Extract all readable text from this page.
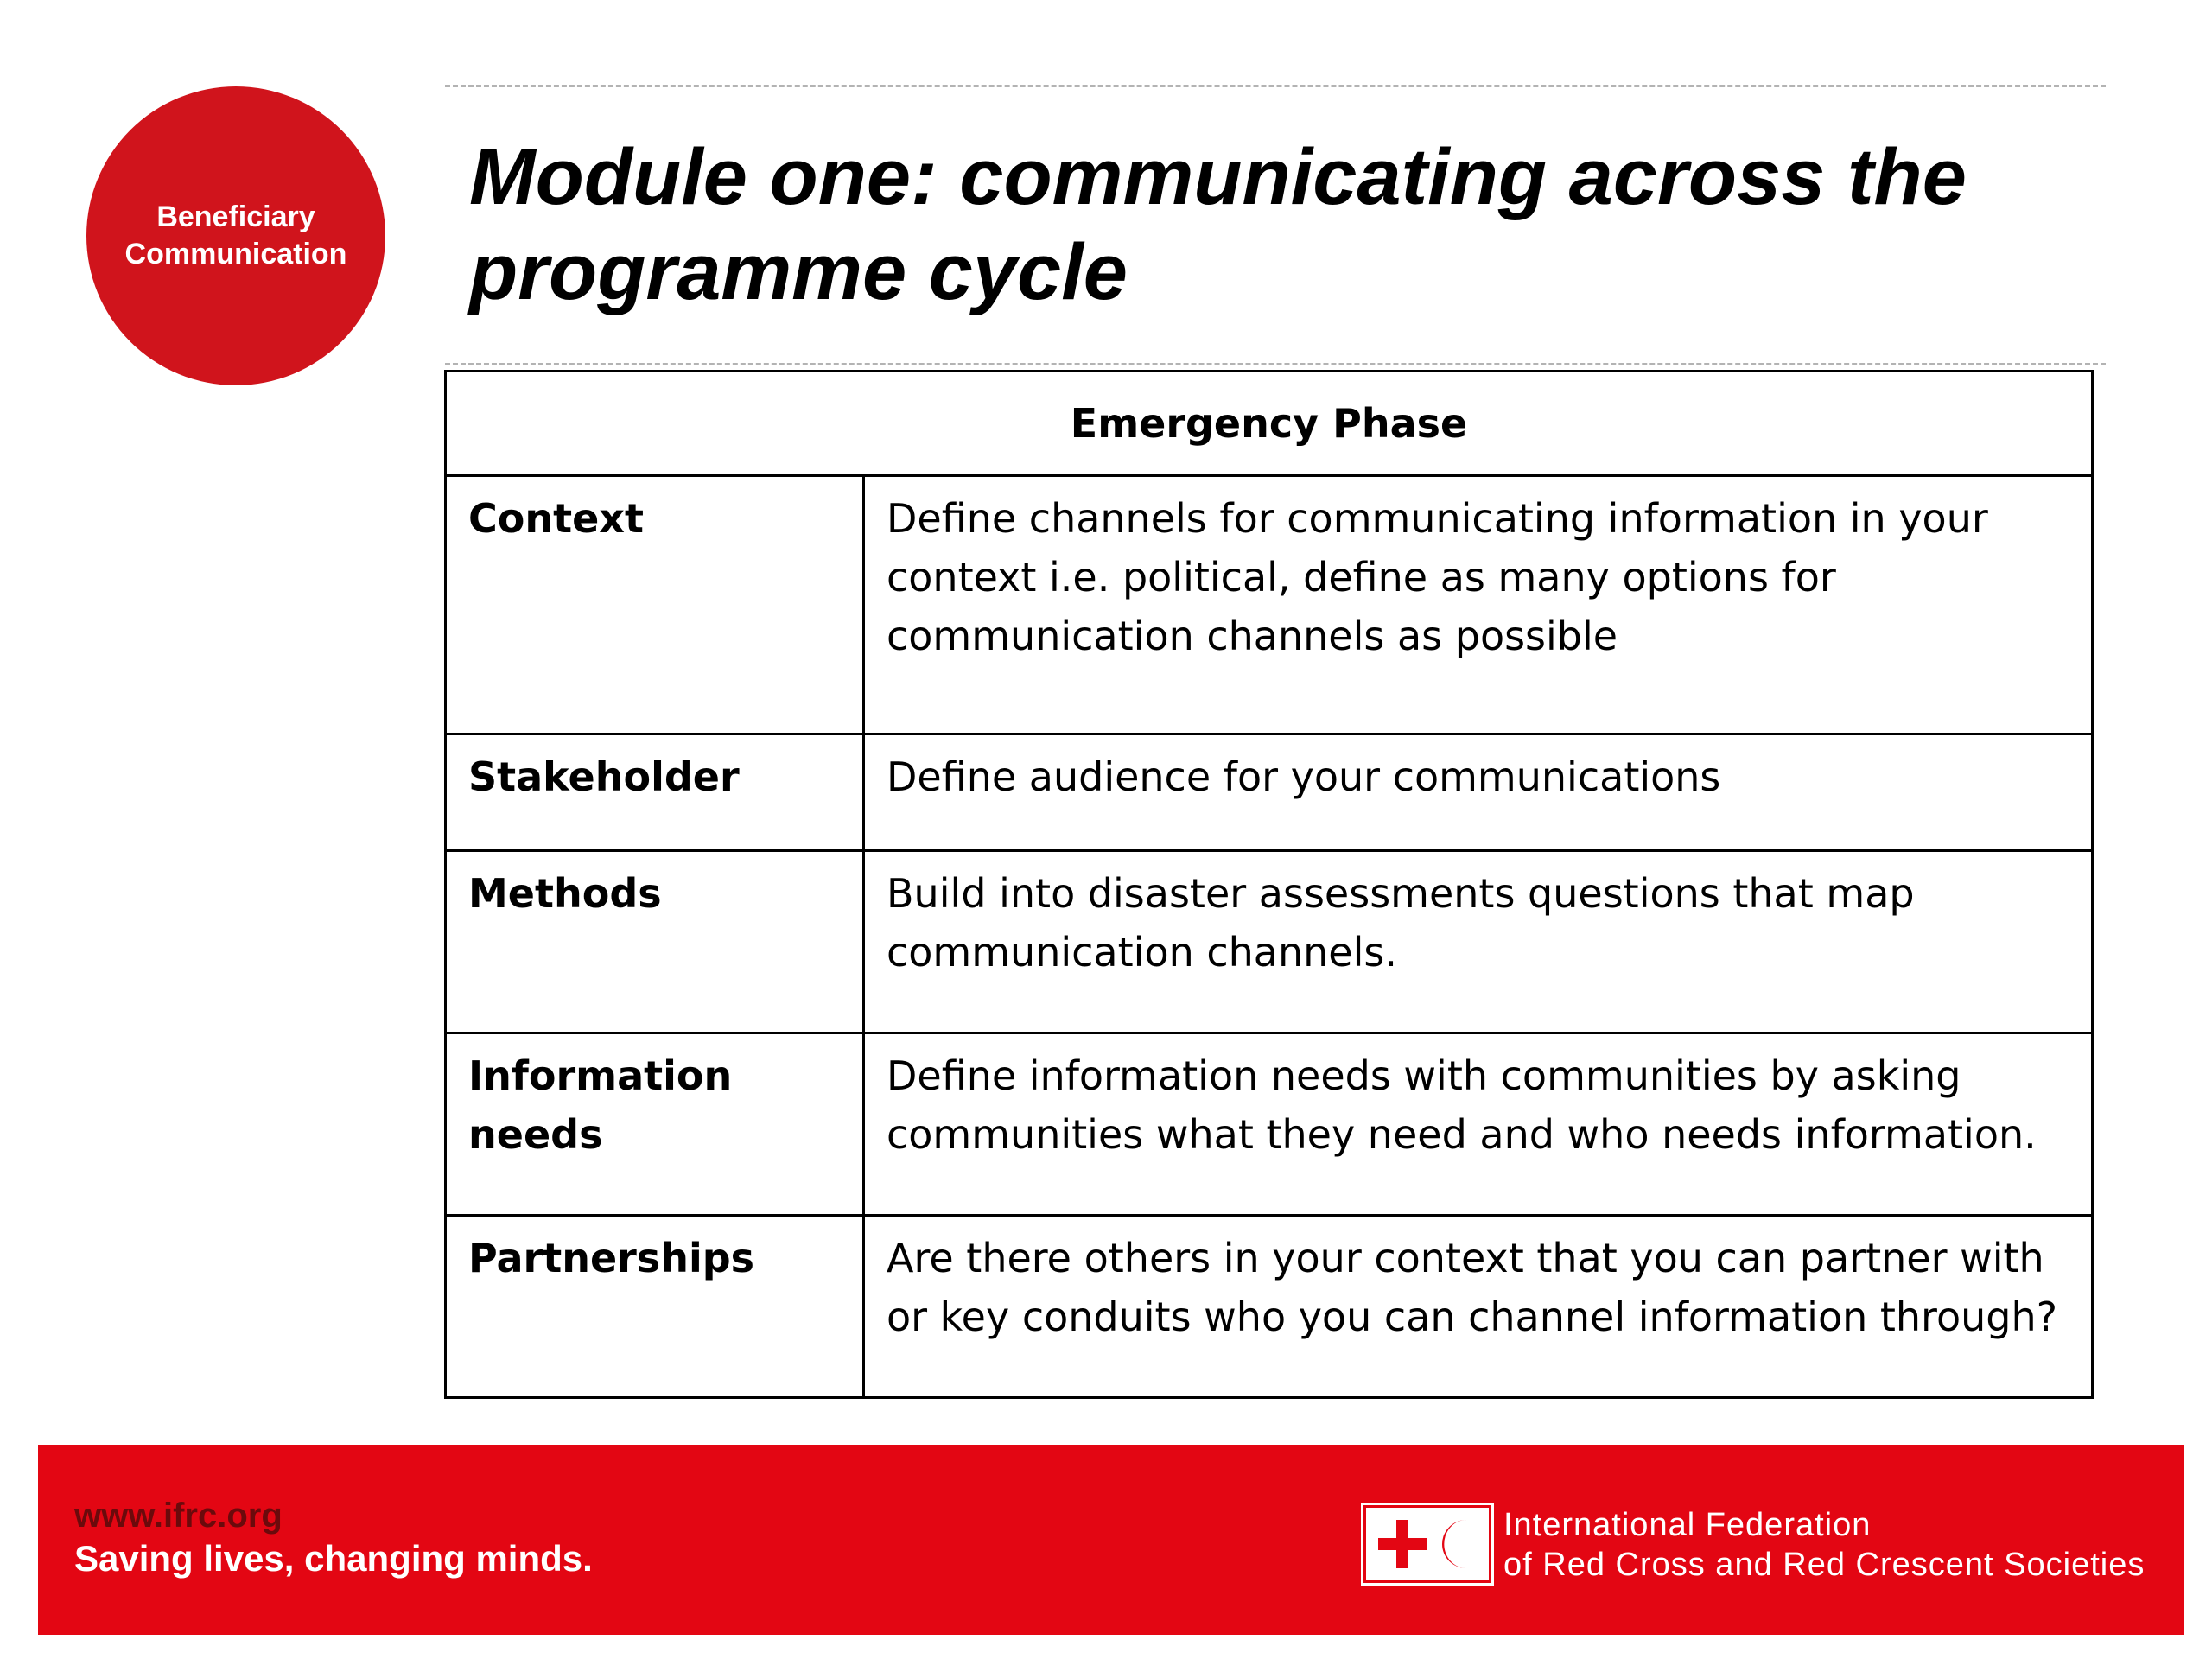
Beneficiary
Communication
Module one: communicating across the programme cycle
Emergency Phase	
Context	Define channels for communicating information in your context i.e. political, define as many options for communication channels as possible
Stakeholder	Define audience for your communications
Methods	Build into disaster assessments questions that map communication channels.
Information needs	Define information needs with communities by asking communities what they need and who needs information.
Partnerships	Are there others in your context that you can partner with or key conduits who you can channel information through?
www.ifrc.org
Saving lives, changing minds.
International Federation
of Red Cross and Red Crescent Societies
